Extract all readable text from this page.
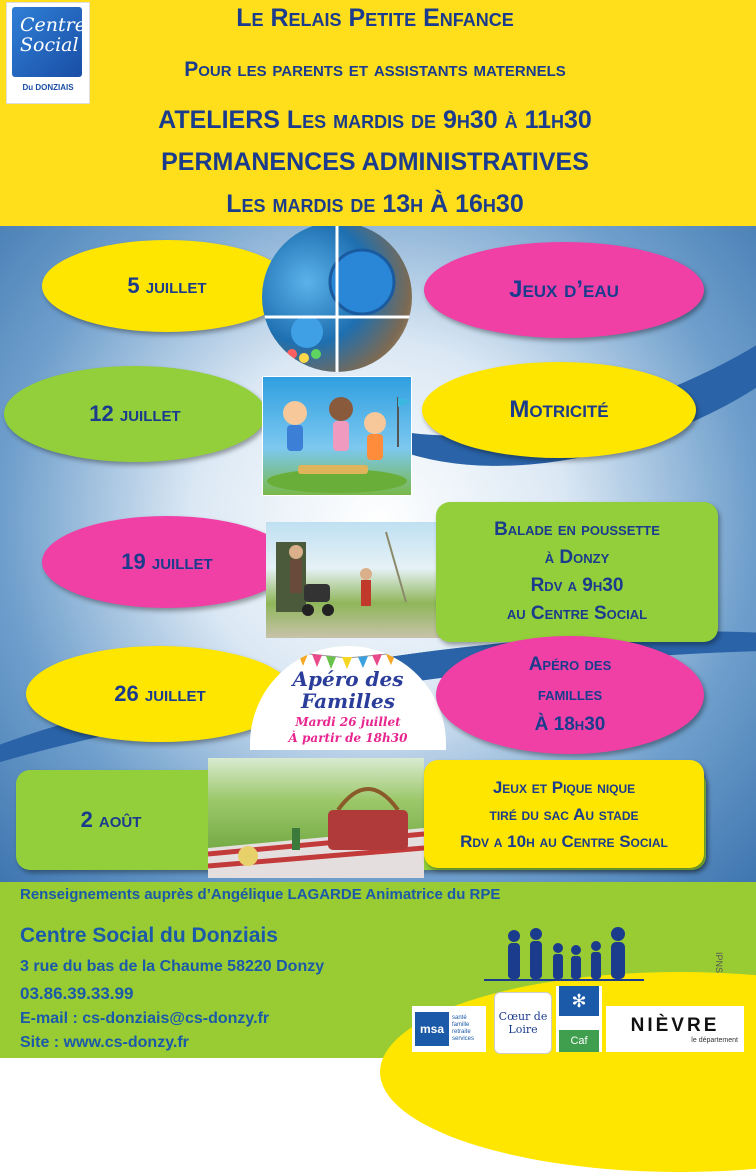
Centre
Social
Du DONZIAIS
Le Relais Petite Enfance
Pour les parents et assistants maternels
ATELIERS Les mardis de 9h30 à 11h30
PERMANENCES ADMINISTRATIVES
Les mardis de 13h À 16h30
5 juillet	Jeux d’eau
12 juillet	Motricité
19 juillet
Balade en poussette
à Donzy
Rdv a 9h30
au Centre Social
26 juillet
Apéro des
Familles
Mardi 26 juillet
À partir de 18h30
Apéro des
familles
À 18h30
2 août
Jeux et Pique nique
tiré du sac Au stade
Rdv a 10h au Centre Social
Renseignements auprès d’Angélique LAGARDE Animatrice du RPE
Centre Social du Donziais
3 rue du bas de la Chaume 58220 Donzy
03.86.39.33.99
E-mail : cs-donziais@cs-donzy.fr
Site : www.cs-donzy.fr
IPNS
msa
santé
famille
retraite
services
Cœur de Loire
✻
Caf
NIÈVRE
le département
